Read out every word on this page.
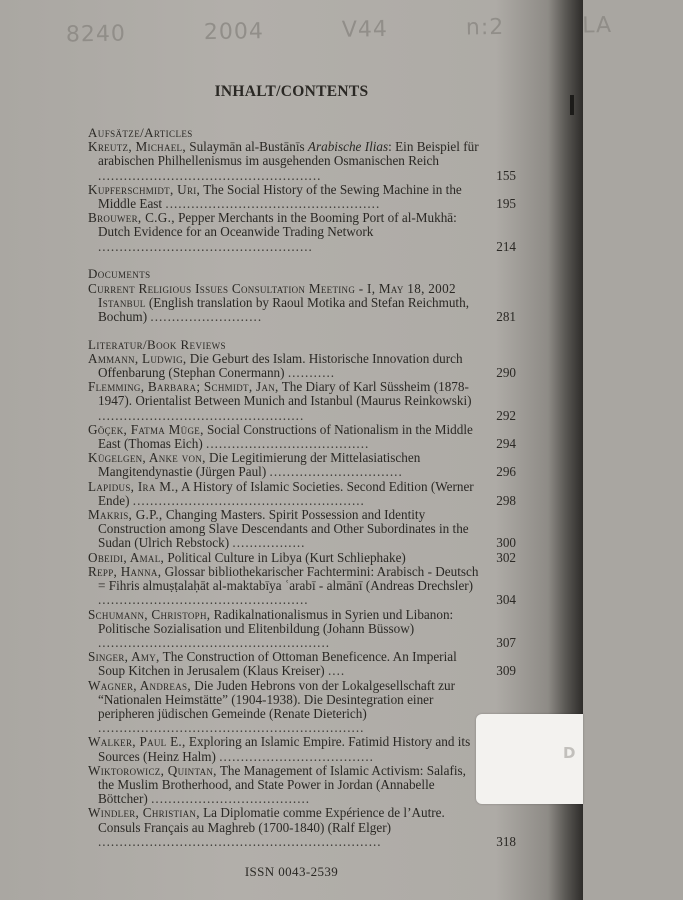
8240	2004	V44	n:2	LA
INHALT/CONTENTS
Aufsätze/Articles
Kreutz, Michael, Sulaymān al-Bustānīs Arabische Ilias: Ein Beispiel für arabischen Philhellenismus im ausgehenden Osmanischen Reich ....................................................	155
Kupferschmidt, Uri, The Social History of the Sewing Machine in the Middle East ..................................................	195
Brouwer, C.G., Pepper Merchants in the Booming Port of al-Mukhā: Dutch Evidence for an Oceanwide Trading Network ..................................................	214
Documents
Current Religious Issues Consultation Meeting - I, May 18, 2002 Istanbul (English translation by Raoul Motika and Stefan Reichmuth, Bochum) ..........................	281
Literatur/Book Reviews
Ammann, Ludwig, Die Geburt des Islam. Historische Innovation durch Offenbarung (Stephan Conermann) ...........	290
Flemming, Barbara; Schmidt, Jan, The Diary of Karl Süssheim (1878-1947). Orientalist Between Munich and Istanbul (Maurus Reinkowski) ................................................	292
Göçek, Fatma Müge, Social Constructions of Nationalism in the Middle East (Thomas Eich) ......................................	294
Kügelgen, Anke von, Die Legitimierung der Mittelasiatischen Mangitendynastie (Jürgen Paul) ...............................	296
Lapidus, Ira M., A History of Islamic Societies. Second Edition (Werner Ende) ......................................................	298
Makris, G.P., Changing Masters. Spirit Possession and Identity Construction among Slave Descendants and Other Subordinates in the Sudan (Ulrich Rebstock) .................	300
Obeidi, Amal, Political Culture in Libya (Kurt Schliephake)	302
Repp, Hanna, Glossar bibliothekarischer Fachtermini: Arabisch - Deutsch = Fihris almuṣṭalaḥāt al-maktabīya ʿarabī - almānī (Andreas Drechsler) .................................................	304
Schumann, Christoph, Radikalnationalismus in Syrien und Libanon: Politische Sozialisation und Elitenbildung (Johann Büssow) ......................................................	307
Singer, Amy, The Construction of Ottoman Beneficence. An Imperial Soup Kitchen in Jerusalem (Klaus Kreiser) ....	309
Wagner, Andreas, Die Juden Hebrons von der Lokalgesellschaft zur “Nationalen Heimstätte” (1904-1938). Die Desintegration einer peripheren jüdischen Gemeinde (Renate Dieterich) ..............................................................
Walker, Paul E., Exploring an Islamic Empire. Fatimid History and its Sources (Heinz Halm) ....................................
Wiktorowicz, Quintan, The Management of Islamic Activism: Salafis, the Muslim Brotherhood, and State Power in Jordan (Annabelle Böttcher) .....................................
Windler, Christian, La Diplomatie comme Expérience de l’Autre. Consuls Français au Maghreb (1700-1840) (Ralf Elger) ..................................................................	318
ISSN 0043-2539
D
